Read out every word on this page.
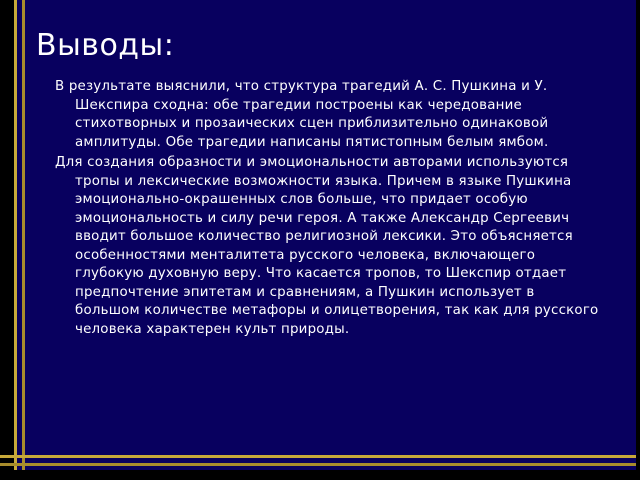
Выводы:

В результате выяснили, что структура трагедий А. С. Пушкина и У. Шекспира сходна: обе трагедии построены как чередование стихотворных и прозаических сцен приблизительно одинаковой амплитуды. Обе трагедии написаны пятистопным белым ямбом.

Для создания образности и эмоциональности авторами используются тропы и лексические возможности языка. Причем в языке Пушкина эмоционально-окрашенных слов больше, что придает особую эмоциональность и силу речи героя. А также Александр Сергеевич вводит большое количество религиозной лексики. Это объясняется особенностями менталитета русского человека, включающего глубокую духовную веру. Что касается тропов, то Шекспир отдает предпочтение эпитетам и сравнениям, а Пушкин использует в большом количестве метафоры и олицетворения, так как для русского человека характерен культ природы.
